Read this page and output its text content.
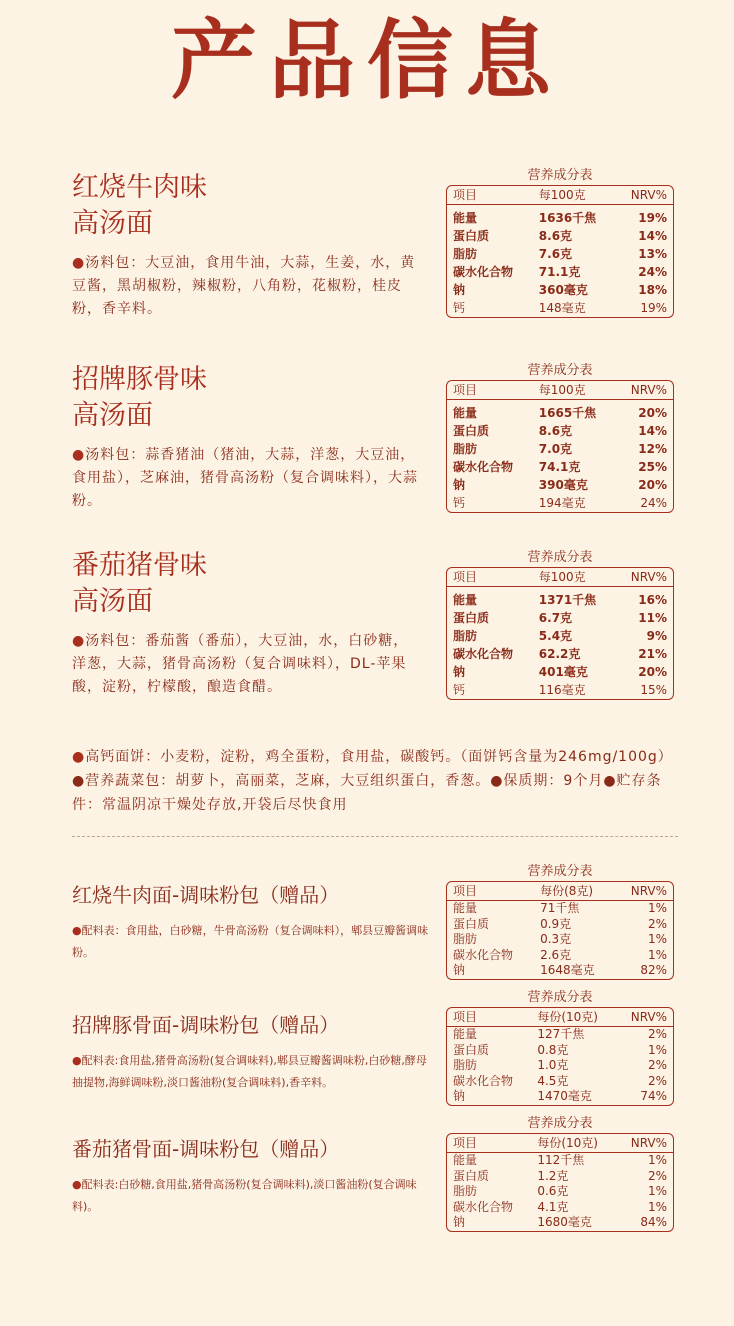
产品信息
红烧牛肉味
高汤面
● 汤料包：大豆油，食用牛油，大蒜，生姜，水，黄豆酱，黑胡椒粉，辣椒粉，八角粉，花椒粉，桂皮粉，香辛料。
营养成分表
项目	每100克	NRV%
能量	1636千焦	19%
蛋白质	8.6克	14%
脂肪	7.6克	13%
碳水化合物	71.1克	24%
钠	360毫克	18%
钙	148毫克	19%
招牌豚骨味
高汤面
● 汤料包：蒜香猪油（猪油，大蒜，洋葱，大豆油，食用盐），芝麻油，猪骨高汤粉（复合调味料），大蒜粉。
营养成分表
项目	每100克	NRV%
能量	1665千焦	20%
蛋白质	8.6克	14%
脂肪	7.0克	12%
碳水化合物	74.1克	25%
钠	390毫克	20%
钙	194毫克	24%
番茄猪骨味
高汤面
● 汤料包：番茄酱（番茄），大豆油，水，白砂糖，洋葱，大蒜，猪骨高汤粉（复合调味料），DL-苹果酸，淀粉，柠檬酸，酿造食醋。
营养成分表
项目	每100克	NRV%
能量	1371千焦	16%
蛋白质	6.7克	11%
脂肪	5.4克	9%
碳水化合物	62.2克	21%
钠	401毫克	20%
钙	116毫克	15%
● 高钙面饼：小麦粉，淀粉，鸡全蛋粉，食用盐，碳酸钙。（面饼钙含量为246mg/100g）●营养蔬菜包：胡萝卜，高丽菜，芝麻，大豆组织蛋白，香葱。●保质期：9个月●贮存条件：常温阴凉干燥处存放,开袋后尽快食用
红烧牛肉面-调味粉包（赠品）
● 配料表：食用盐，白砂糖，牛骨高汤粉（复合调味料），郫县豆瓣酱调味粉。
营养成分表
项目	每份(8克)	NRV%
能量	71千焦	1%
蛋白质	0.9克	2%
脂肪	0.3克	1%
碳水化合物	2.6克	1%
钠	1648毫克	82%
招牌豚骨面-调味粉包（赠品）
● 配料表:食用盐,猪骨高汤粉(复合调味料),郫县豆瓣酱调味粉,白砂糖,酵母抽提物,海鲜调味粉,淡口酱油粉(复合调味料),香辛料。
营养成分表
项目	每份(10克)	NRV%
能量	127千焦	2%
蛋白质	0.8克	1%
脂肪	1.0克	2%
碳水化合物	4.5克	2%
钠	1470毫克	74%
番茄猪骨面-调味粉包（赠品）
● 配料表:白砂糖,食用盐,猪骨高汤粉(复合调味料),淡口酱油粉(复合调味料)。
营养成分表
项目	每份(10克)	NRV%
能量	112千焦	1%
蛋白质	1.2克	2%
脂肪	0.6克	1%
碳水化合物	4.1克	1%
钠	1680毫克	84%
